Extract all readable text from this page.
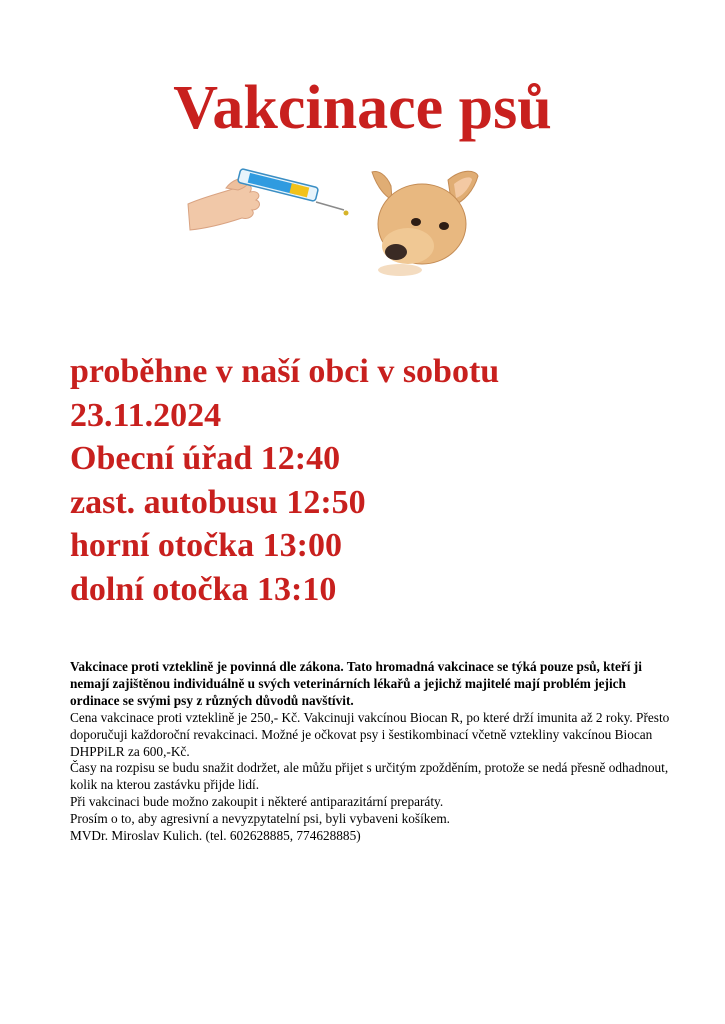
Vakcinace psů
proběhne v naší obci v sobotu
23.11.2024
Obecní úřad 12:40
zast. autobusu 12:50
horní otočka 13:00
dolní otočka 13:10

Vakcinace proti vzteklině je povinná dle zákona. Tato hromadná vakcinace se týká pouze psů, kteří ji nemají zajištěnou individuálně u svých veterinárních lékařů a jejichž majitelé mají problém jejich ordinace se svými psy z různých důvodů navštívit.

Cena vakcinace proti vzteklině je 250,- Kč. Vakcinuji vakcínou Biocan R, po které drží imunita až 2 roky. Přesto doporučuji každoroční revakcinaci. Možné je očkovat psy i šestikombinací včetně vzteklіny vakcínou Biocan DHPPiLR za 600,-Kč.

Časy na rozpisu se budu snažit dodržet, ale můžu přijet s určitým zpožděním, protože se nedá přesně odhadnout, kolik na kterou zastávku přijde lidí.

Při vakcinaci bude možno zakoupit i některé antiparazitární preparáty.

Prosím o to, aby agresivní a nevyzpytatelní psi, byli vybaveni košíkem.

MVDr. Miroslav Kulich. (tel. 602628885, 774628885)
